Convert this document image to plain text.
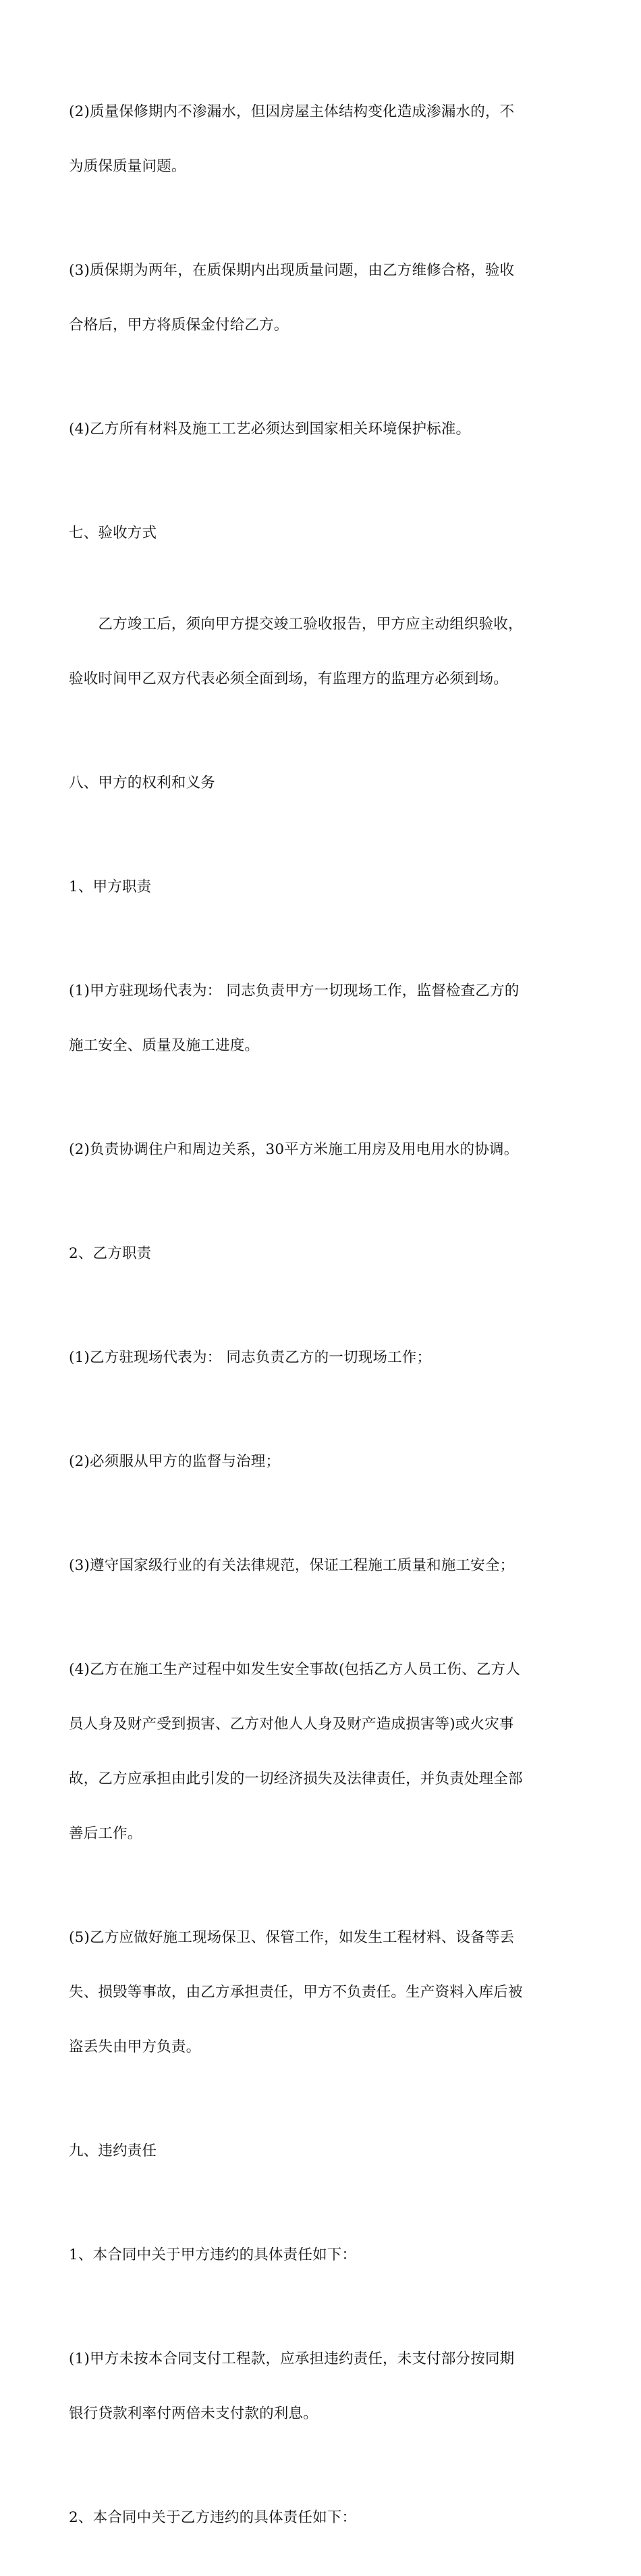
(2)质量保修期内不渗漏水，但因房屋主体结构变化造成渗漏水的，不

为质保质量问题。

(3)质保期为两年，在质保期内出现质量问题，由乙方维修合格，验收

合格后，甲方将质保金付给乙方。

(4)乙方所有材料及施工工艺必须达到国家相关环境保护标准。

七、验收方式

　　乙方竣工后，须向甲方提交竣工验收报告，甲方应主动组织验收，

验收时间甲乙双方代表必须全面到场，有监理方的监理方必须到场。

八、甲方的权利和义务

1、甲方职责

(1)甲方驻现场代表为： 同志负责甲方一切现场工作，监督检查乙方的

施工安全、质量及施工进度。

(2)负责协调住户和周边关系，30平方米施工用房及用电用水的协调。

2、乙方职责

(1)乙方驻现场代表为： 同志负责乙方的一切现场工作；

(2)必须服从甲方的监督与治理；

(3)遵守国家级行业的有关法律规范，保证工程施工质量和施工安全；

(4)乙方在施工生产过程中如发生安全事故(包括乙方人员工伤、乙方人

员人身及财产受到损害、乙方对他人人身及财产造成损害等)或火灾事

故，乙方应承担由此引发的一切经济损失及法律责任，并负责处理全部

善后工作。

(5)乙方应做好施工现场保卫、保管工作，如发生工程材料、设备等丢

失、损毁等事故，由乙方承担责任，甲方不负责任。生产资料入库后被

盗丢失由甲方负责。

九、违约责任

1、本合同中关于甲方违约的具体责任如下：

(1)甲方未按本合同支付工程款，应承担违约责任，未支付部分按同期

银行贷款利率付两倍未支付款的利息。

2、本合同中关于乙方违约的具体责任如下：
